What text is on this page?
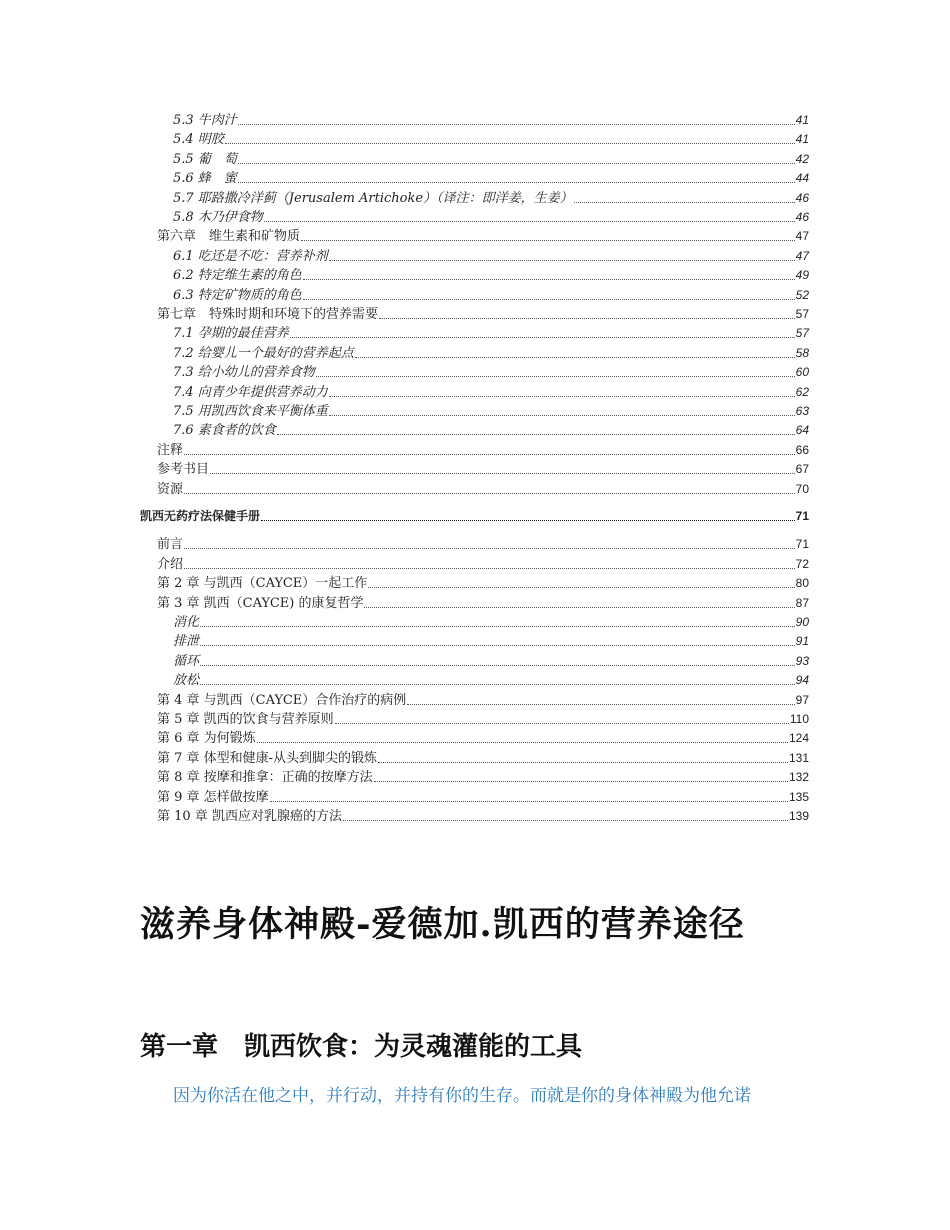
5.3 牛肉汁	41
5.4 明胶	41
5.5 葡　萄	42
5.6 蜂　蜜	44
5.7 耶路撒冷洋蓟（Jerusalem Artichoke）（译注：即洋姜，生姜）	46
5.8 木乃伊食物	46
第六章　维生素和矿物质	47
6.1 吃还是不吃：营养补剂	47
6.2 特定维生素的角色	49
6.3 特定矿物质的角色	52
第七章　特殊时期和环境下的营养需要	57
7.1 孕期的最佳营养	57
7.2 给婴儿一个最好的营养起点	58
7.3 给小幼儿的营养食物	60
7.4 向青少年提供营养动力	62
7.5 用凯西饮食来平衡体重	63
7.6 素食者的饮食	64
注释	66
参考书目	67
资源	70
凯西无药疗法保健手册	71
前言	71
介绍	72
第 2 章 与凯西（CAYCE）一起工作	80
第 3 章 凯西（CAYCE) 的康复哲学	87
消化	90
排泄	91
循环	93
放松	94
第 4 章 与凯西（CAYCE）合作治疗的病例	97
第 5 章 凯西的饮食与营养原则	110
第 6 章 为何锻炼	124
第 7 章 体型和健康-从头到脚尖的锻炼	131
第 8 章 按摩和推拿：正确的按摩方法	132
第 9 章 怎样做按摩	135
第 10 章 凯西应对乳腺癌的方法	139
滋养身体神殿-爱德加.凯西的营养途径
第一章　凯西饮食：为灵魂灌能的工具

因为你活在他之中，并行动，并持有你的生存。而就是你的身体神殿为他允诺
